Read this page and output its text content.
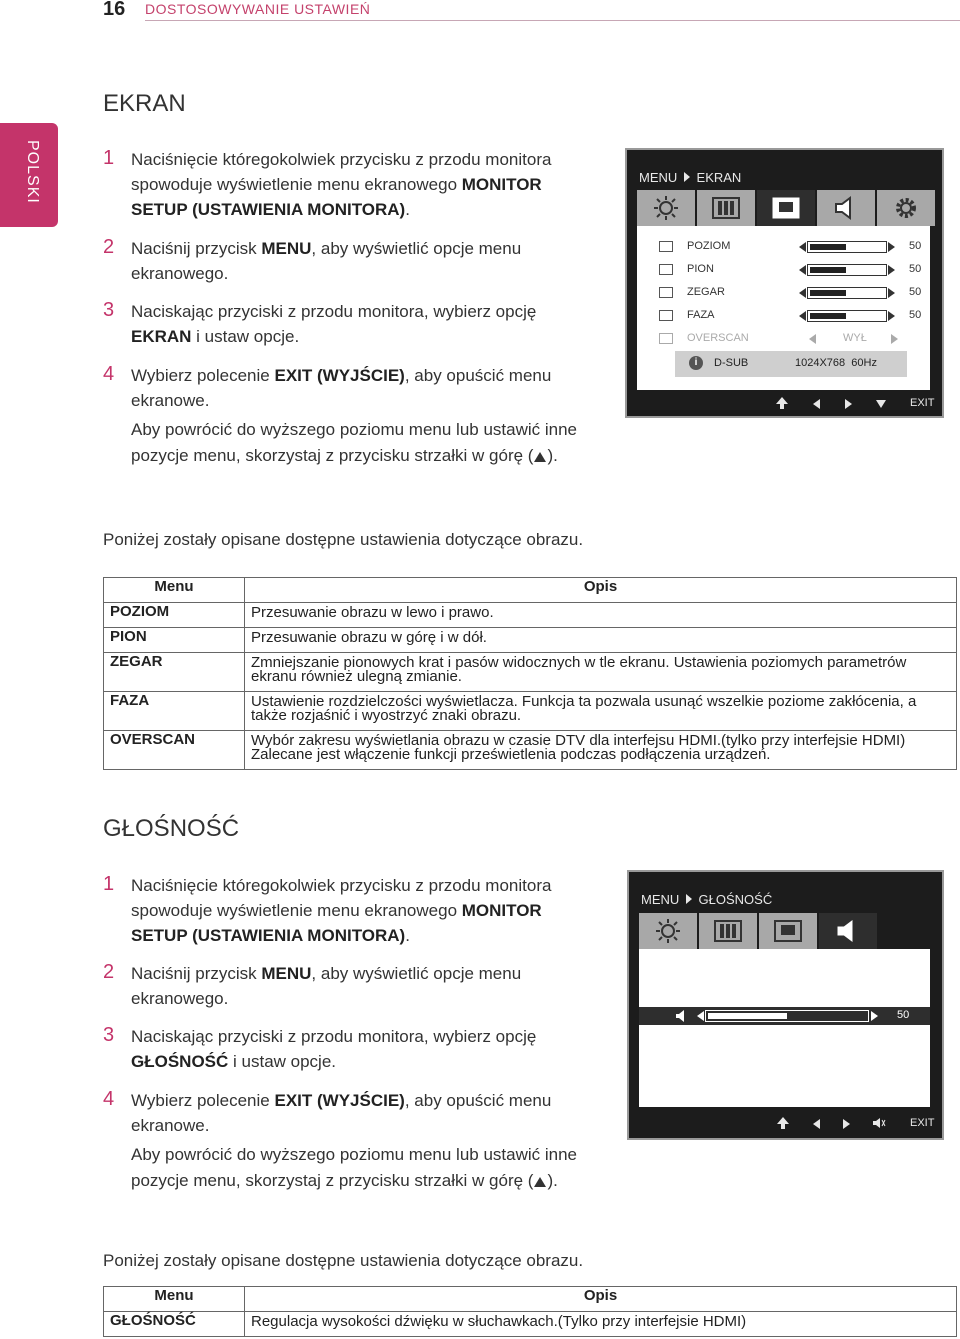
16 DOSTOSOWYWANIE USTAWIEŃ
POLSKI
EKRAN
1 Naciśnięcie któregokolwiek przycisku z przodu monitora spowoduje wyświetlenie menu ekranowego MONITOR SETUP (USTAWIENIA MONITORA).

2 Naciśnij przycisk MENU, aby wyświetlić opcje menu ekranowego.

3 Naciskając przyciski z przodu monitora, wybierz opcję EKRAN i ustaw opcje.

4 Wybierz polecenie EXIT (WYJŚCIE), aby opuścić menu ekranowe.

Aby powrócić do wyższego poziomu menu lub ustawić inne pozycje menu, skorzystaj z przycisku strzałki w górę ( ).

MENU EKRAN
POZIOM	50
PION	50
ZEGAR	50
FAZA	50
OVERSCAN	WYŁ
i	D-SUB	1024X768  60Hz
EXIT
Poniżej zostały opisane dostępne ustawienia dotyczące obrazu.
Menu	Opis
POZIOM	Przesuwanie obrazu w lewo i prawo.
PION	Przesuwanie obrazu w górę i w dół.
ZEGAR	Zmniejszanie pionowych krat i pasów widocznych w tle ekranu. Ustawienia poziomych parametrów ekranu również ulegną zmianie.
FAZA	Ustawienie rozdzielczości wyświetlacza. Funkcja ta pozwala usunąć wszelkie poziome zakłócenia, a także rozjaśnić i wyostrzyć znaki obrazu.
OVERSCAN	Wybór zakresu wyświetlania obrazu w czasie DTV dla interfejsu HDMI.(tylko przy interfejsie HDMI) Zalecane jest włączenie funkcji prześwietlenia podczas podłączenia urządzeń.
GŁOŚNOŚĆ
1 Naciśnięcie któregokolwiek przycisku z przodu monitora spowoduje wyświetlenie menu ekranowego MONITOR SETUP (USTAWIENIA MONITORA).

2 Naciśnij przycisk MENU, aby wyświetlić opcje menu ekranowego.

3 Naciskając przyciski z przodu monitora, wybierz opcję GŁOŚNOŚĆ i ustaw opcje.

4 Wybierz polecenie EXIT (WYJŚCIE), aby opuścić menu ekranowe.

Aby powrócić do wyższego poziomu menu lub ustawić inne pozycje menu, skorzystaj z przycisku strzałki w górę ( ).

MENU GŁOŚNOŚĆ
50
EXIT
Poniżej zostały opisane dostępne ustawienia dotyczące obrazu.
Menu	Opis
GŁOŚNOŚĆ	Regulacja wysokości dźwięku w słuchawkach.(Tylko przy interfejsie HDMI)
